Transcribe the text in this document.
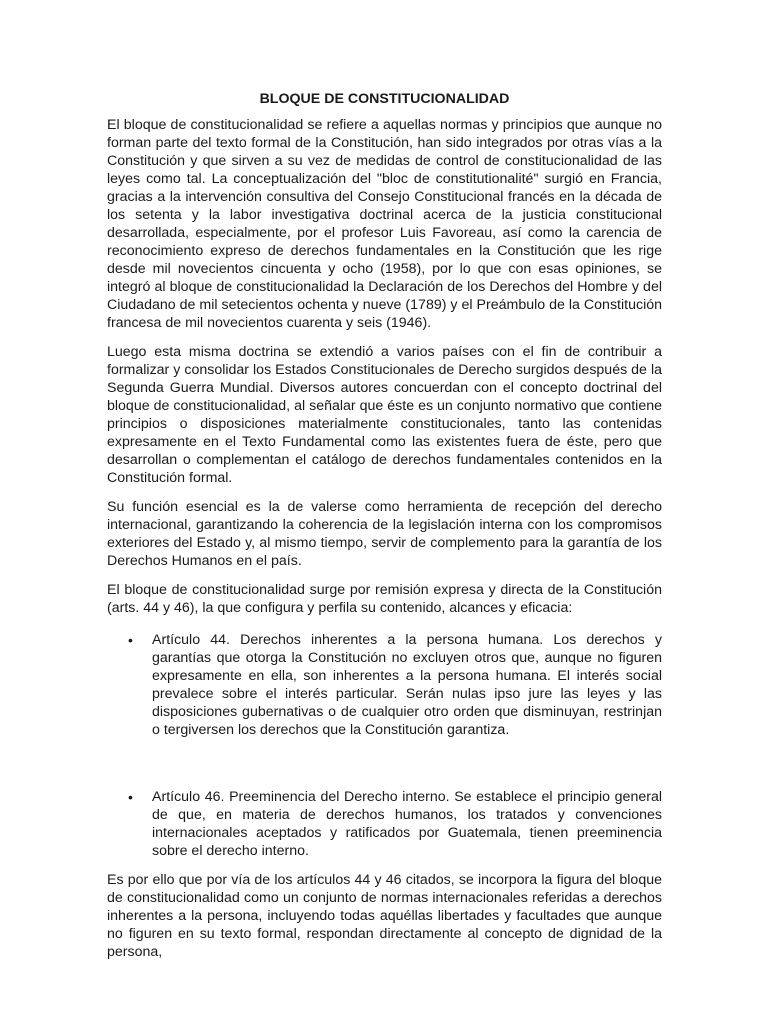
BLOQUE DE CONSTITUCIONALIDAD

El bloque de constitucionalidad se refiere a aquellas normas y principios que aunque no forman parte del texto formal de la Constitución, han sido integrados por otras vías a la Constitución y que sirven a su vez de medidas de control de constitucionalidad de las leyes como tal. La conceptualización del "bloc de constitutionalité" surgió en Francia, gracias a la intervención consultiva del Consejo Constitucional francés en la década de los setenta y la labor investigativa doctrinal acerca de la justicia constitucional desarrollada, especialmente, por el profesor Luis Favoreau, así como la carencia de reconocimiento expreso de derechos fundamentales en la Constitución que les rige desde mil novecientos cincuenta y ocho (1958), por lo que con esas opiniones, se integró al bloque de constitucionalidad la Declaración de los Derechos del Hombre y del Ciudadano de mil setecientos ochenta y nueve (1789) y el Preámbulo de la Constitución francesa de mil novecientos cuarenta y seis (1946).

Luego esta misma doctrina se extendió a varios países con el fin de contribuir a formalizar y consolidar los Estados Constitucionales de Derecho surgidos después de la Segunda Guerra Mundial. Diversos autores concuerdan con el concepto doctrinal del bloque de constitucionalidad, al señalar que éste es un conjunto normativo que contiene principios o disposiciones materialmente constitucionales, tanto las contenidas expresamente en el Texto Fundamental como las existentes fuera de éste, pero que desarrollan o complementan el catálogo de derechos fundamentales contenidos en la Constitución formal.

Su función esencial es la de valerse como herramienta de recepción del derecho internacional, garantizando la coherencia de la legislación interna con los compromisos exteriores del Estado y, al mismo tiempo, servir de complemento para la garantía de los Derechos Humanos en el país.

El bloque de constitucionalidad surge por remisión expresa y directa de la Constitución (arts. 44 y 46), la que configura y perfila su contenido, alcances y eficacia:

• Artículo 44. Derechos inherentes a la persona humana. Los derechos y garantías que otorga la Constitución no excluyen otros que, aunque no figuren expresamente en ella, son inherentes a la persona humana. El interés social prevalece sobre el interés particular. Serán nulas ipso jure las leyes y las disposiciones gubernativas o de cualquier otro orden que disminuyan, restrinjan o tergiversen los derechos que la Constitución garantiza.
• Artículo 46. Preeminencia del Derecho interno. Se establece el principio general de que, en materia de derechos humanos, los tratados y convenciones internacionales aceptados y ratificados por Guatemala, tienen preeminencia sobre el derecho interno.

Es por ello que por vía de los artículos 44 y 46 citados, se incorpora la figura del bloque de constitucionalidad como un conjunto de normas internacionales referidas a derechos inherentes a la persona, incluyendo todas aquéllas libertades y facultades que aunque no figuren en su texto formal, respondan directamente al concepto de dignidad de la persona,
